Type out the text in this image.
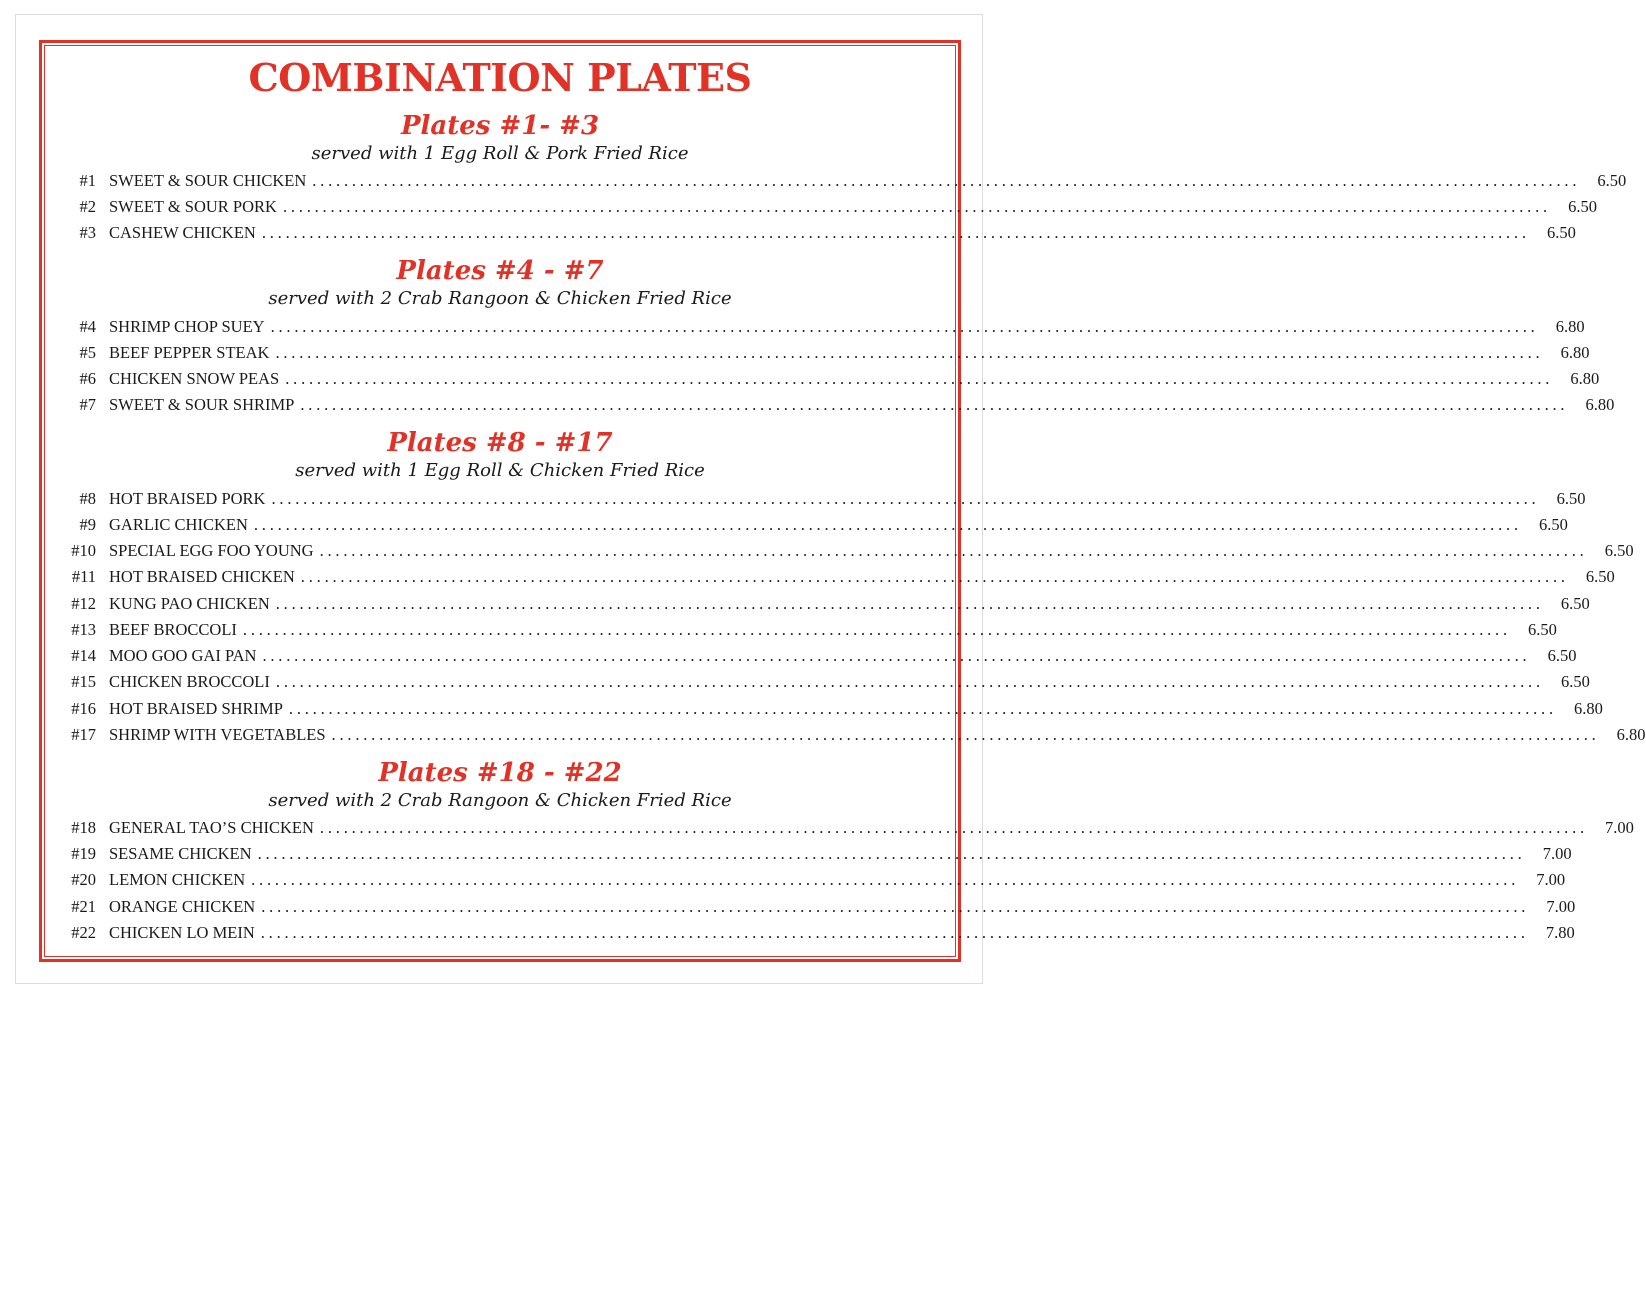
COMBINATION PLATES
Plates #1- #3
served with 1 Egg Roll & Pork Fried Rice
#1 SWEET & SOUR CHICKEN ................................................................................................................................................................	6.50
#2 SWEET & SOUR PORK ................................................................................................................................................................	6.50
#3 CASHEW CHICKEN ................................................................................................................................................................	6.50
Plates #4 - #7
served with 2 Crab Rangoon & Chicken Fried Rice
#4 SHRIMP CHOP SUEY ................................................................................................................................................................	6.80
#5 BEEF PEPPER STEAK ................................................................................................................................................................	6.80
#6 CHICKEN SNOW PEAS ................................................................................................................................................................	6.80
#7 SWEET & SOUR SHRIMP ................................................................................................................................................................	6.80
Plates #8 - #17
served with 1 Egg Roll & Chicken Fried Rice
#8 HOT BRAISED PORK ................................................................................................................................................................	6.50
#9 GARLIC CHICKEN ................................................................................................................................................................	6.50
#10 SPECIAL EGG FOO YOUNG ................................................................................................................................................................	6.50
#11 HOT BRAISED CHICKEN ................................................................................................................................................................	6.50
#12 KUNG PAO CHICKEN ................................................................................................................................................................	6.50
#13 BEEF BROCCOLI ................................................................................................................................................................	6.50
#14 MOO GOO GAI PAN ................................................................................................................................................................	6.50
#15 CHICKEN BROCCOLI ................................................................................................................................................................	6.50
#16 HOT BRAISED SHRIMP ................................................................................................................................................................	6.80
#17 SHRIMP WITH VEGETABLES ................................................................................................................................................................	6.80
Plates #18 - #22
served with 2 Crab Rangoon & Chicken Fried Rice
#18 GENERAL TAO’S CHICKEN ................................................................................................................................................................	7.00
#19 SESAME CHICKEN ................................................................................................................................................................	7.00
#20 LEMON CHICKEN ................................................................................................................................................................	7.00
#21 ORANGE CHICKEN ................................................................................................................................................................	7.00
#22 CHICKEN LO MEIN ................................................................................................................................................................	7.80
